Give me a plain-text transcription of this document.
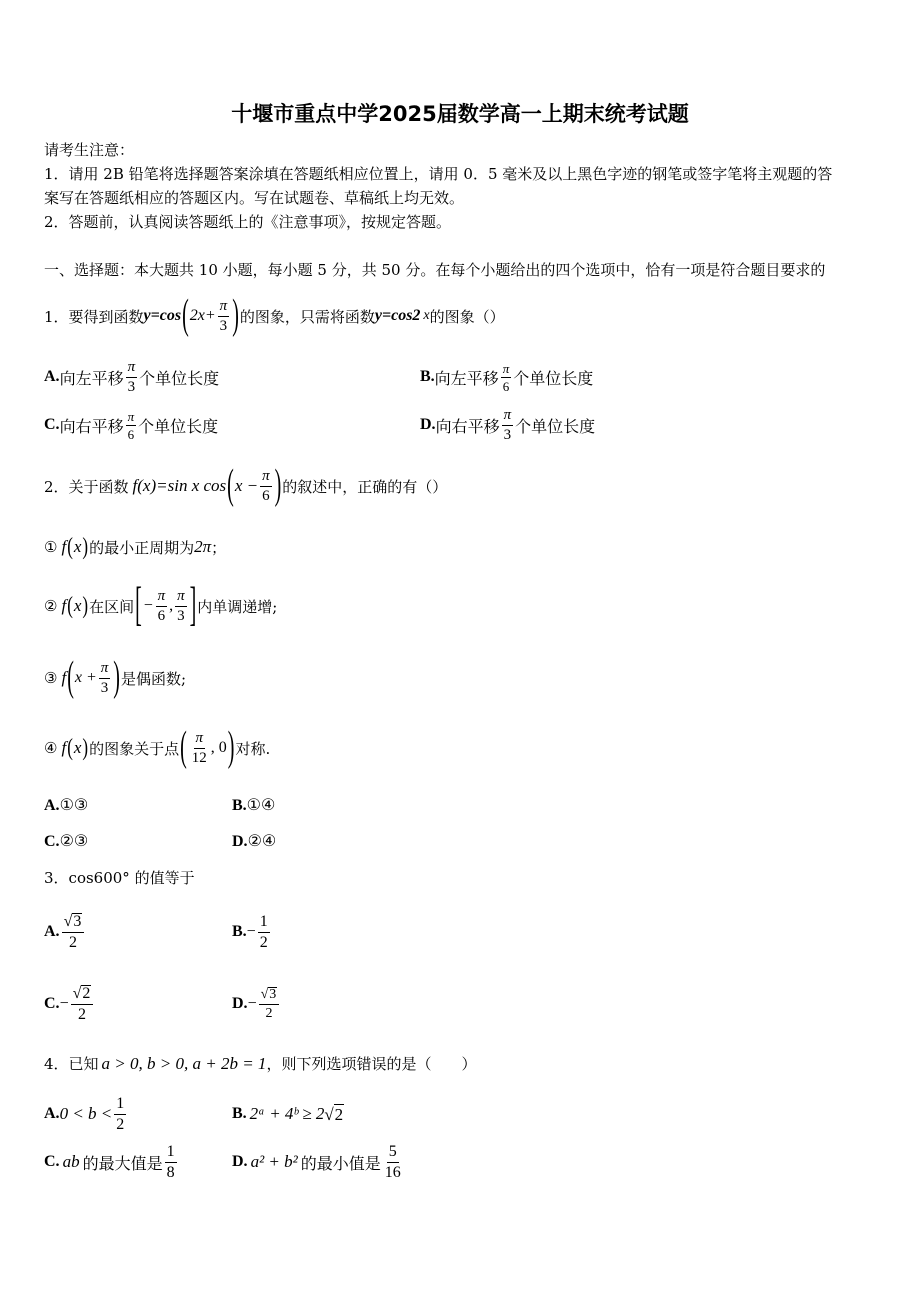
十堰市重点中学2025届数学高一上期末统考试题
请考生注意：
1．请用 2B 铅笔将选择题答案涂填在答题纸相应位置上，请用 0．5 毫米及以上黑色字迹的钢笔或签字笔将主观题的答
案写在答题纸相应的答题区内。写在试题卷、草稿纸上均无效。
2．答题前，认真阅读答题纸上的《注意事项》，按规定答题。
一、选择题：本大题共 10 小题，每小题 5 分，共 50 分。在每个小题给出的四个选项中，恰有一项是符合题目要求的
1．要得到函数 y=cos ( $2x+ \frac{\pi}{3}$ ) 的图象，只需将函数 y=cos2 x 的图象（）
A. 向左平移 $\frac{\pi}{3}$ 个单位长度	B. 向左平移 $\frac{\pi}{6}$ 个单位长度
C. 向右平移 $\frac{\pi}{6}$ 个单位长度	D. 向右平移 $\frac{\pi}{3}$ 个单位长度
2．关于函数 f(x)=sin x cos ( $x - \frac{\pi}{6}$ ) 的叙述中，正确的有（）
① f ( x ) 的最小正周期为 2π ；
② f ( x ) 在区间 [ − $\frac{\pi}{6}$ , $\frac{\pi}{3}$ ] 内单调递增;
③ f ( $x + \frac{\pi}{3}$ ) 是偶函数;
④ f ( x ) 的图象关于点 ( $\frac{\pi}{12}$ , 0 ) 对称.
A.①③	B.①④
C.②③	D.②④
3．cos600° 的值等于
A. $\frac{√ 3}{2}$	B. − $\frac{1}{2}$
C. − $\frac{√ 2}{2}$	D. − $\frac{√ 3}{2}$
4．已知 a > 0, b > 0, a + 2b = 1 ，则下列选项错误的是（　　）
A. $0 < b < \frac{1}{2}$	B. 2ᵃ + 4ᵇ ≥ 2 √ 2
C. ab 的最大值是 $\frac{1}{8}$	D. a² + b² 的最小值是 $\frac{5}{16}$
